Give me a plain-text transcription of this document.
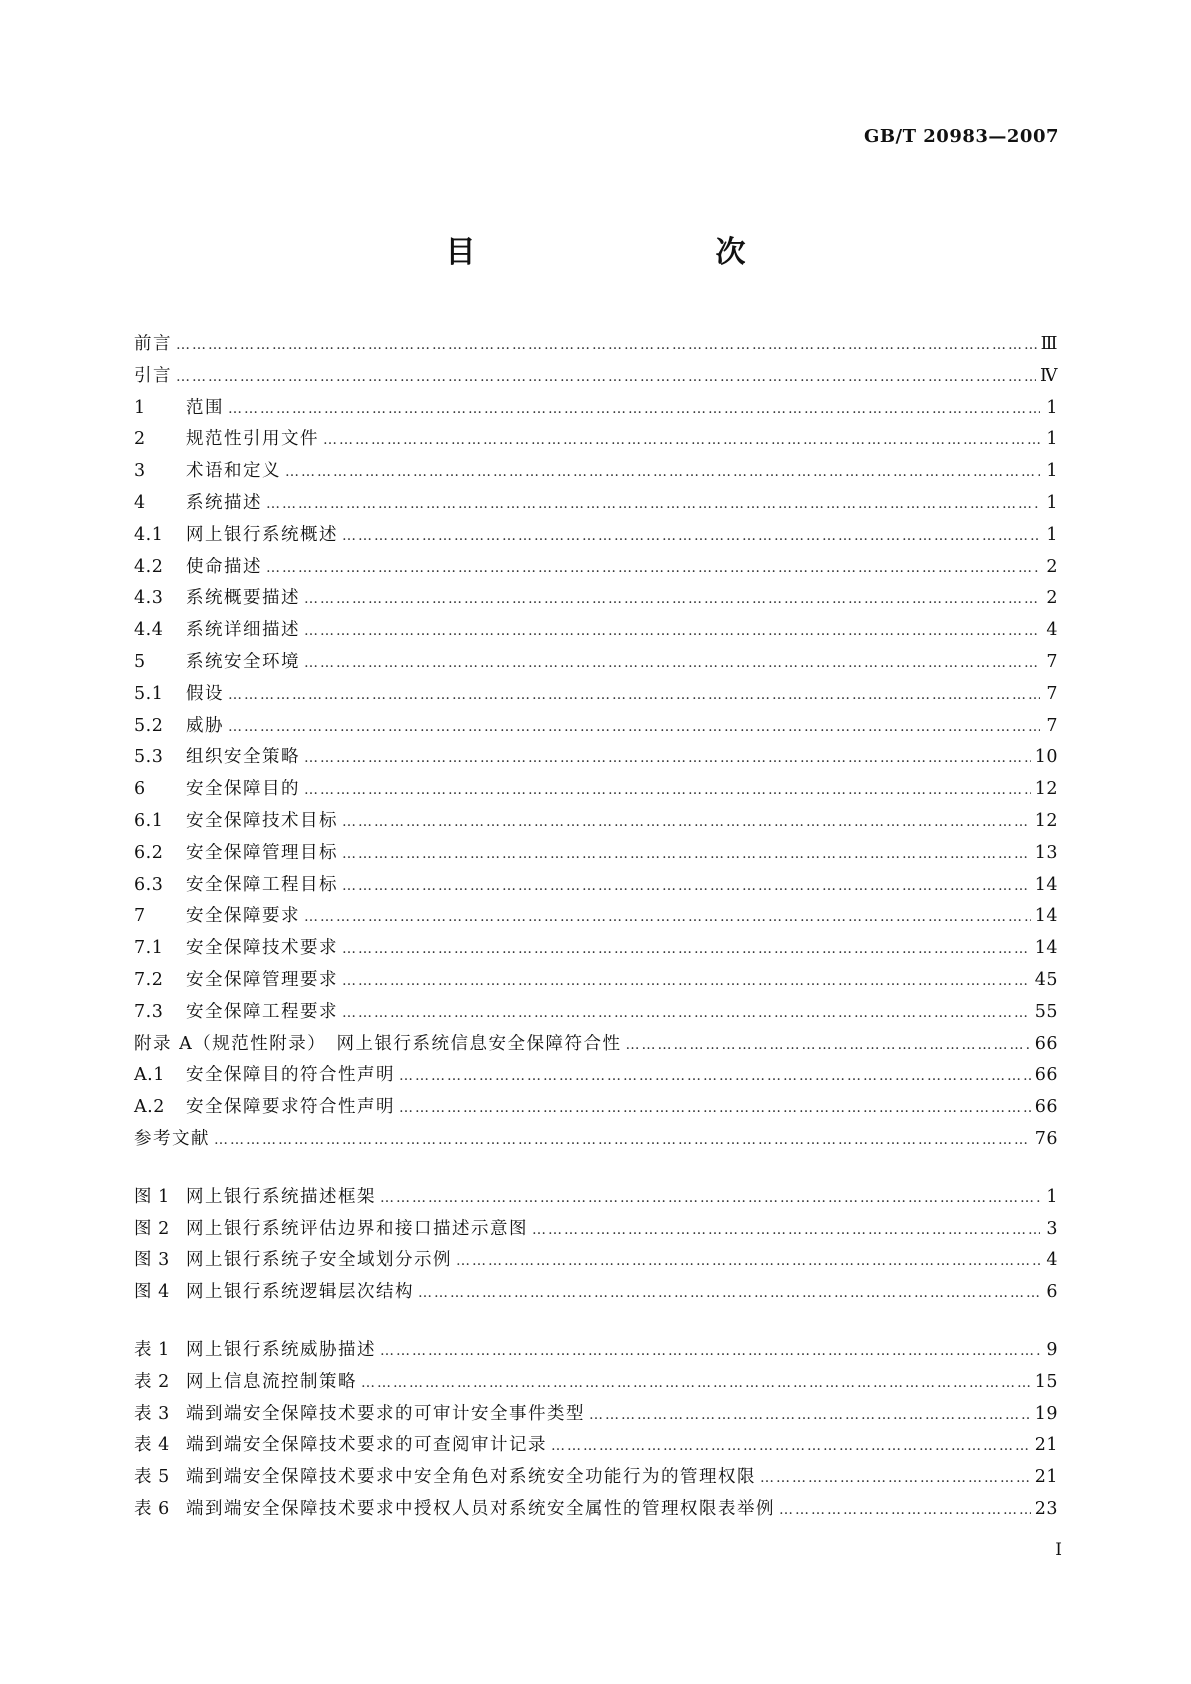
GB/T 20983—2007
目　　次
前言 ……………………………………………………………………………………………………………………………………………………………………………………………………………………………………………………	Ⅲ
引言 ……………………………………………………………………………………………………………………………………………………………………………………………………………………………………………………	Ⅳ
1 范围 ……………………………………………………………………………………………………………………………………………………………………………………………………………………………………………………	1
2 规范性引用文件 ……………………………………………………………………………………………………………………………………………………………………………………………………………………………………………………	1
3 术语和定义 ……………………………………………………………………………………………………………………………………………………………………………………………………………………………………………………	1
4 系统描述 ……………………………………………………………………………………………………………………………………………………………………………………………………………………………………………………	1
4.1 网上银行系统概述 ……………………………………………………………………………………………………………………………………………………………………………………………………………………………………………………	1
4.2 使命描述 ……………………………………………………………………………………………………………………………………………………………………………………………………………………………………………………	2
4.3 系统概要描述 ……………………………………………………………………………………………………………………………………………………………………………………………………………………………………………………	2
4.4 系统详细描述 ……………………………………………………………………………………………………………………………………………………………………………………………………………………………………………………	4
5 系统安全环境 ……………………………………………………………………………………………………………………………………………………………………………………………………………………………………………………	7
5.1 假设 ……………………………………………………………………………………………………………………………………………………………………………………………………………………………………………………	7
5.2 威胁 ……………………………………………………………………………………………………………………………………………………………………………………………………………………………………………………	7
5.3 组织安全策略 ……………………………………………………………………………………………………………………………………………………………………………………………………………………………………………………	10
6 安全保障目的 ……………………………………………………………………………………………………………………………………………………………………………………………………………………………………………………	12
6.1 安全保障技术目标 ……………………………………………………………………………………………………………………………………………………………………………………………………………………………………………………	12
6.2 安全保障管理目标 ……………………………………………………………………………………………………………………………………………………………………………………………………………………………………………………	13
6.3 安全保障工程目标 ……………………………………………………………………………………………………………………………………………………………………………………………………………………………………………………	14
7 安全保障要求 ……………………………………………………………………………………………………………………………………………………………………………………………………………………………………………………	14
7.1 安全保障技术要求 ……………………………………………………………………………………………………………………………………………………………………………………………………………………………………………………	14
7.2 安全保障管理要求 ……………………………………………………………………………………………………………………………………………………………………………………………………………………………………………………	45
7.3 安全保障工程要求 ……………………………………………………………………………………………………………………………………………………………………………………………………………………………………………………	55
附录 A（规范性附录）　网上银行系统信息安全保障符合性 ……………………………………………………………………………………………………………………………………………………………………………………………………………………………………………………	66
A.1 安全保障目的符合性声明 ……………………………………………………………………………………………………………………………………………………………………………………………………………………………………………………	66
A.2 安全保障要求符合性声明 ……………………………………………………………………………………………………………………………………………………………………………………………………………………………………………………	66
参考文献 ……………………………………………………………………………………………………………………………………………………………………………………………………………………………………………………	76
图 1 网上银行系统描述框架 ……………………………………………………………………………………………………………………………………………………………………………………………………………………………………………………	1
图 2 网上银行系统评估边界和接口描述示意图 ……………………………………………………………………………………………………………………………………………………………………………………………………………………………………………………	3
图 3 网上银行系统子安全域划分示例 ……………………………………………………………………………………………………………………………………………………………………………………………………………………………………………………	4
图 4 网上银行系统逻辑层次结构 ……………………………………………………………………………………………………………………………………………………………………………………………………………………………………………………	6
表 1 网上银行系统威胁描述 ……………………………………………………………………………………………………………………………………………………………………………………………………………………………………………………	9
表 2 网上信息流控制策略 ……………………………………………………………………………………………………………………………………………………………………………………………………………………………………………………	15
表 3 端到端安全保障技术要求的可审计安全事件类型 ……………………………………………………………………………………………………………………………………………………………………………………………………………………………………………………	19
表 4 端到端安全保障技术要求的可查阅审计记录 ……………………………………………………………………………………………………………………………………………………………………………………………………………………………………………………	21
表 5 端到端安全保障技术要求中安全角色对系统安全功能行为的管理权限 ……………………………………………………………………………………………………………………………………………………………………………………………………………………………………………………	21
表 6 端到端安全保障技术要求中授权人员对系统安全属性的管理权限表举例 ……………………………………………………………………………………………………………………………………………………………………………………………………………………………………………………	23
I
